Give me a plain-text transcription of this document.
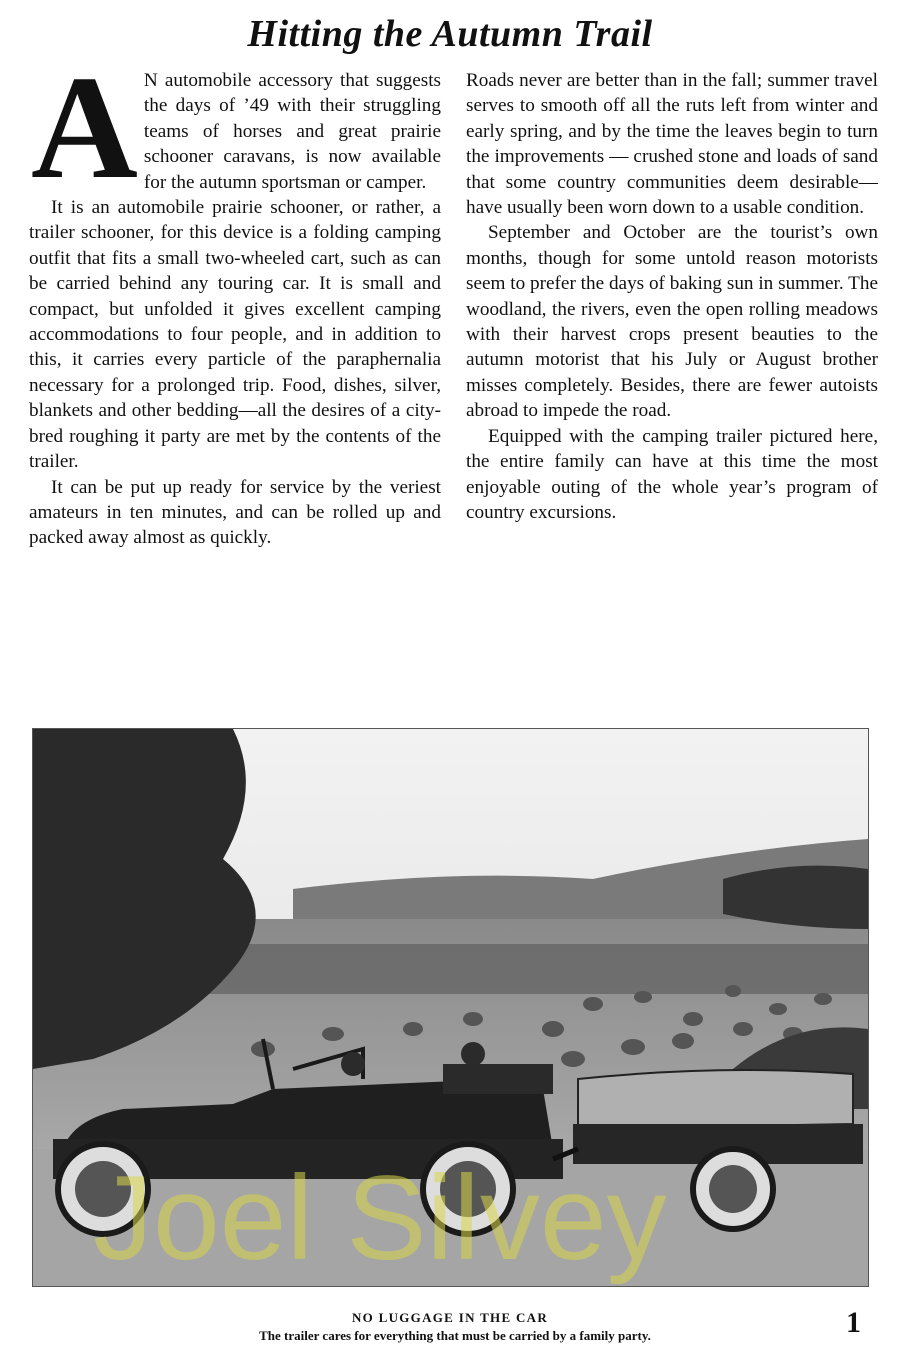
Hitting the Autumn Trail

A N automobile accessory that suggests the days of ’49 with their struggling teams of horses and great prairie schooner caravans, is now available for the autumn sportsman or camper.

It is an automobile prairie schooner, or rather, a trailer schooner, for this device is a folding camping outfit that fits a small two-wheeled cart, such as can be carried behind any touring car. It is small and compact, but unfolded it gives excellent camping accommodations to four people, and in addition to this, it carries every particle of the paraphernalia necessary for a prolonged trip. Food, dishes, silver, blankets and other bedding—all the desires of a city-bred roughing it party are met by the contents of the trailer.

It can be put up ready for service by the veriest amateurs in ten minutes, and can be rolled up and packed away almost as quickly.

Roads never are better than in the fall; summer travel serves to smooth off all the ruts left from winter and early spring, and by the time the leaves begin to turn the improvements — crushed stone and loads of sand that some country communities deem desirable—have usually been worn down to a usable condition.

September and October are the tourist’s own months, though for some untold reason motorists seem to prefer the days of baking sun in summer. The woodland, the rivers, even the open rolling meadows with their harvest crops present beauties to the autumn motorist that his July or August brother misses completely. Besides, there are fewer autoists abroad to impede the road.

Equipped with the camping trailer pictured here, the entire family can have at this time the most enjoyable outing of the whole year’s program of country excursions.

Joel Silvey
NO LUGGAGE IN THE CAR
The trailer cares for everything that must be carried by a family party.	1
